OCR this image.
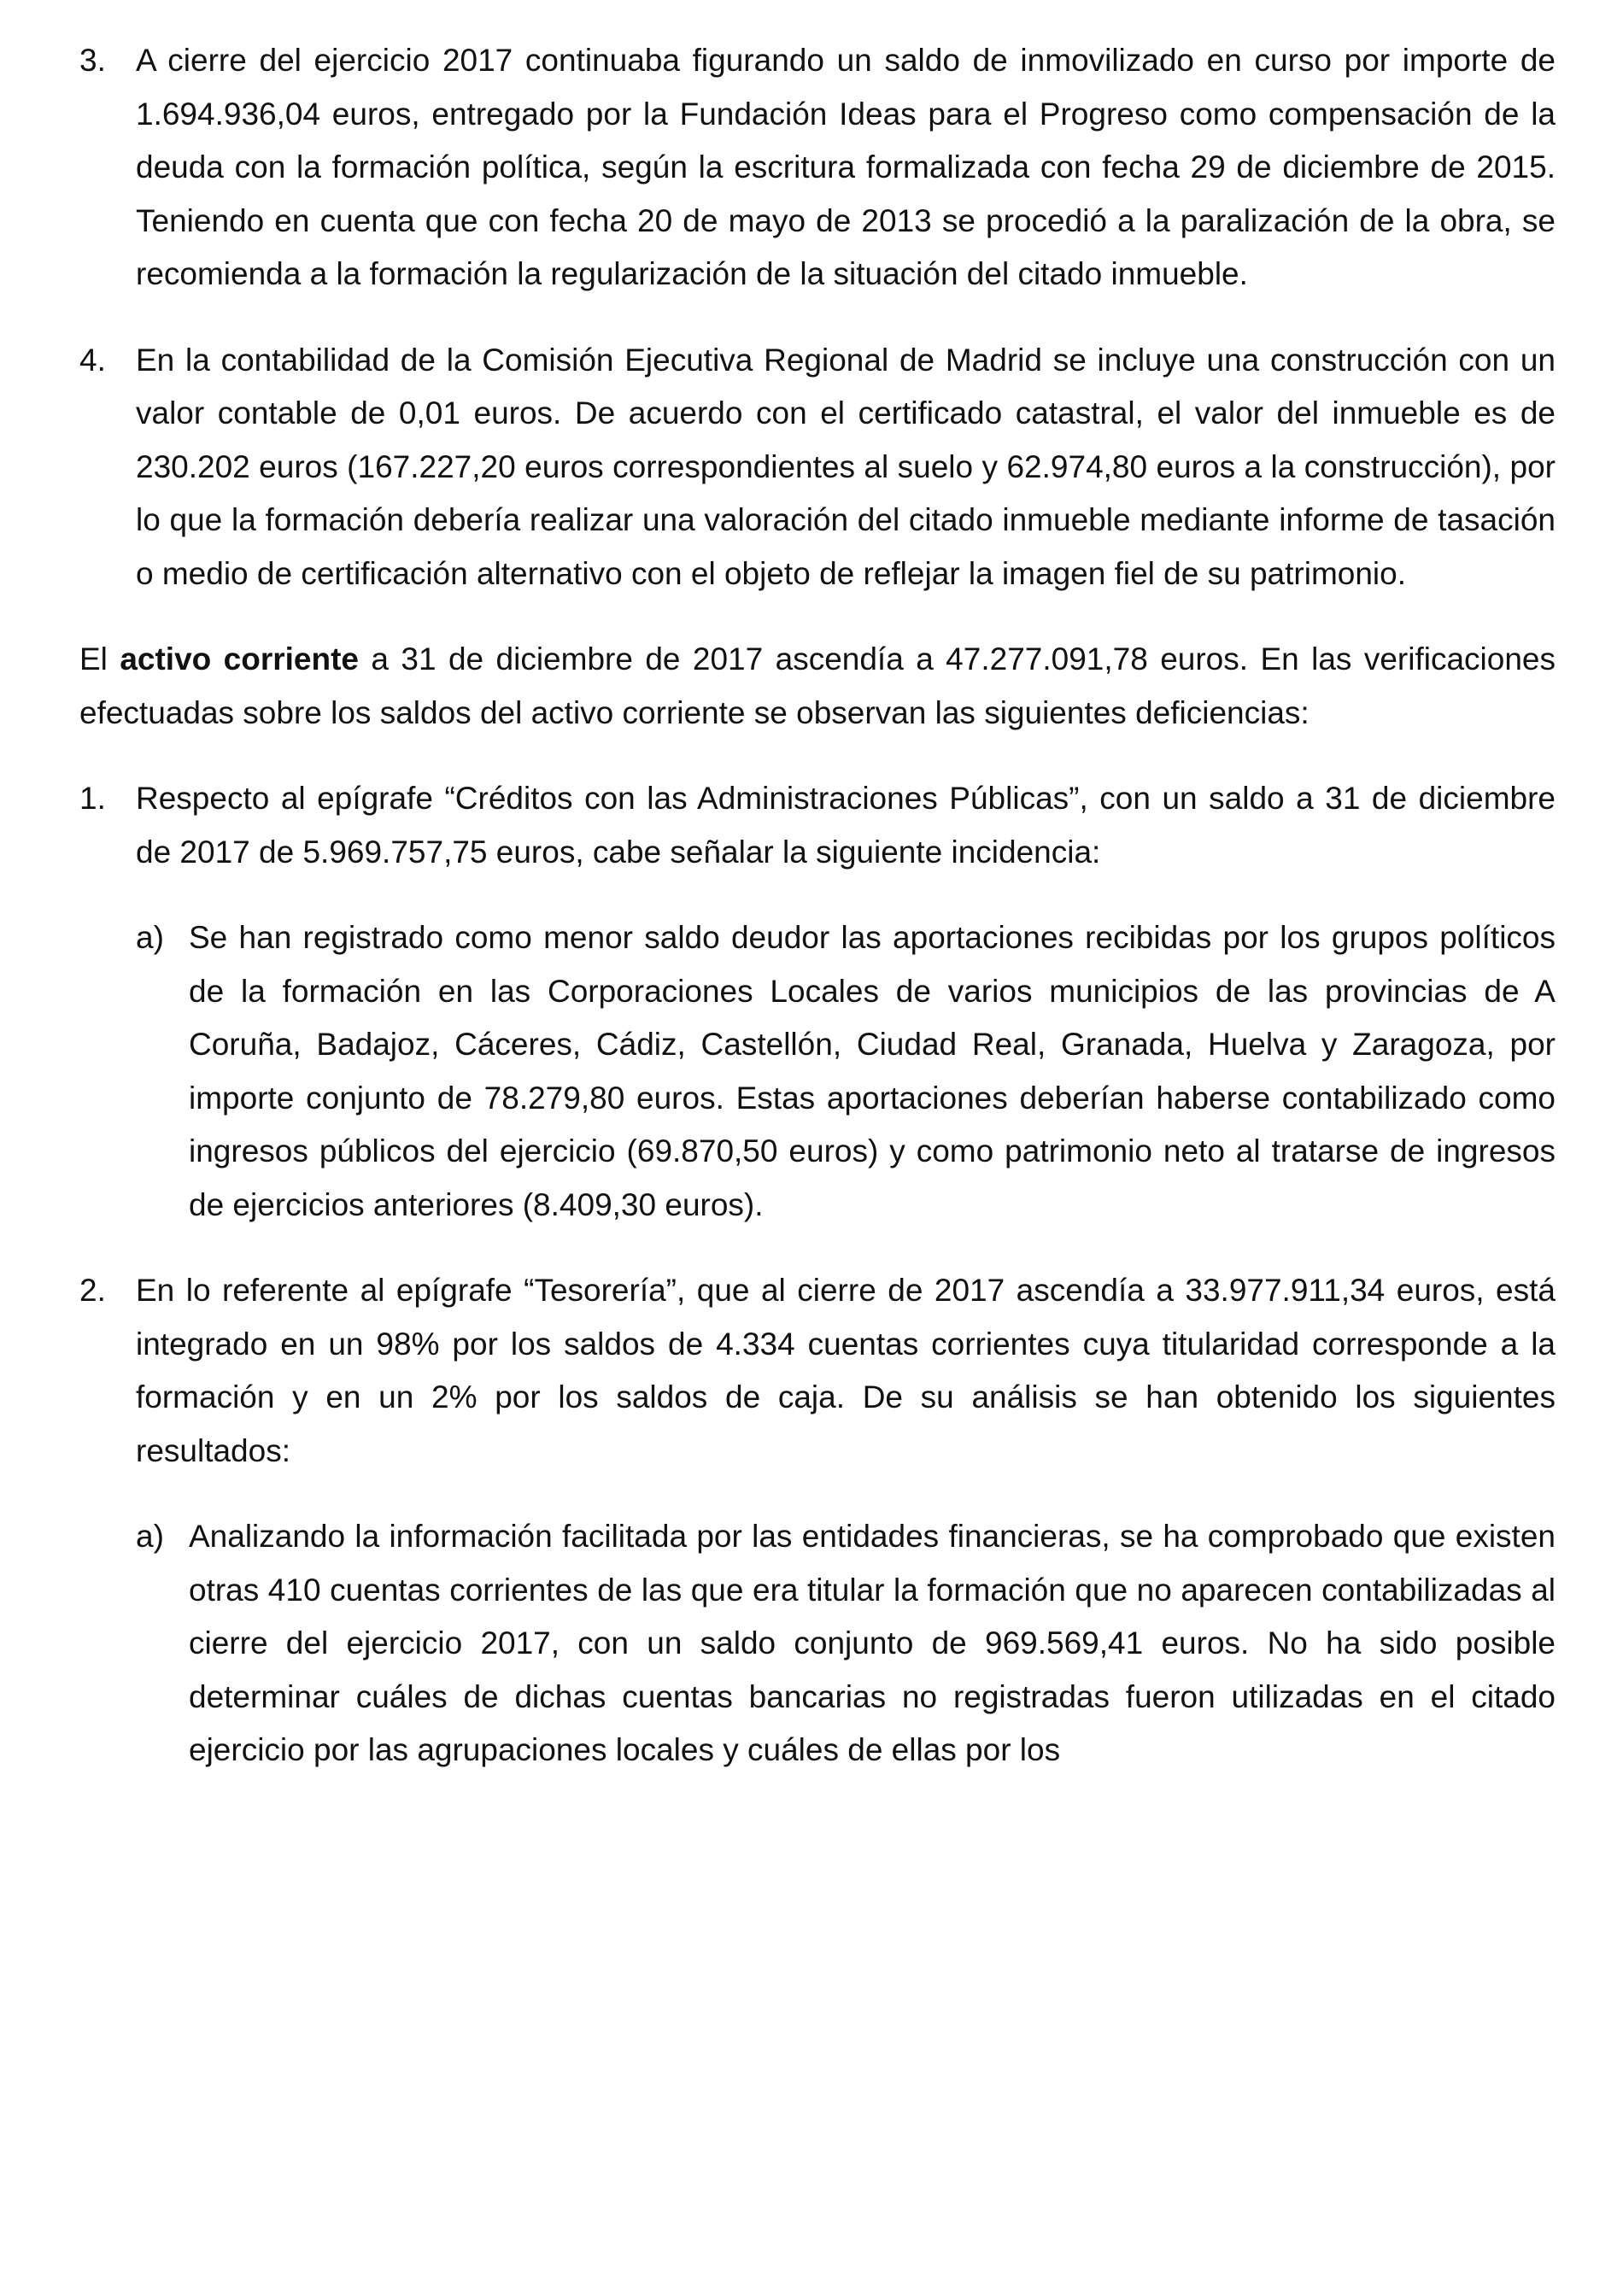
3. A cierre del ejercicio 2017 continuaba figurando un saldo de inmovilizado en curso por importe de 1.694.936,04 euros, entregado por la Fundación Ideas para el Progreso como compensación de la deuda con la formación política, según la escritura formalizada con fecha 29 de diciembre de 2015. Teniendo en cuenta que con fecha 20 de mayo de 2013 se procedió a la paralización de la obra, se recomienda a la formación la regularización de la situación del citado inmueble.
4. En la contabilidad de la Comisión Ejecutiva Regional de Madrid se incluye una construcción con un valor contable de 0,01 euros. De acuerdo con el certificado catastral, el valor del inmueble es de 230.202 euros (167.227,20 euros correspondientes al suelo y 62.974,80 euros a la construcción), por lo que la formación debería realizar una valoración del citado inmueble mediante informe de tasación o medio de certificación alternativo con el objeto de reflejar la imagen fiel de su patrimonio.

El activo corriente a 31 de diciembre de 2017 ascendía a 47.277.091,78 euros. En las verificaciones efectuadas sobre los saldos del activo corriente se observan las siguientes deficiencias:

1. Respecto al epígrafe “Créditos con las Administraciones Públicas”, con un saldo a 31 de diciembre de 2017 de 5.969.757,75 euros, cabe señalar la siguiente incidencia:
a) Se han registrado como menor saldo deudor las aportaciones recibidas por los grupos políticos de la formación en las Corporaciones Locales de varios municipios de las provincias de A Coruña, Badajoz, Cáceres, Cádiz, Castellón, Ciudad Real, Granada, Huelva y Zaragoza, por importe conjunto de 78.279,80 euros. Estas aportaciones deberían haberse contabilizado como ingresos públicos del ejercicio (69.870,50 euros) y como patrimonio neto al tratarse de ingresos de ejercicios anteriores (8.409,30 euros).
2. En lo referente al epígrafe “Tesorería”, que al cierre de 2017 ascendía a 33.977.911,34 euros, está integrado en un 98% por los saldos de 4.334 cuentas corrientes cuya titularidad corresponde a la formación y en un 2% por los saldos de caja. De su análisis se han obtenido los siguientes resultados:
a) Analizando la información facilitada por las entidades financieras, se ha comprobado que existen otras 410 cuentas corrientes de las que era titular la formación que no aparecen contabilizadas al cierre del ejercicio 2017, con un saldo conjunto de 969.569,41 euros. No ha sido posible determinar cuáles de dichas cuentas bancarias no registradas fueron utilizadas en el citado ejercicio por las agrupaciones locales y cuáles de ellas por los
